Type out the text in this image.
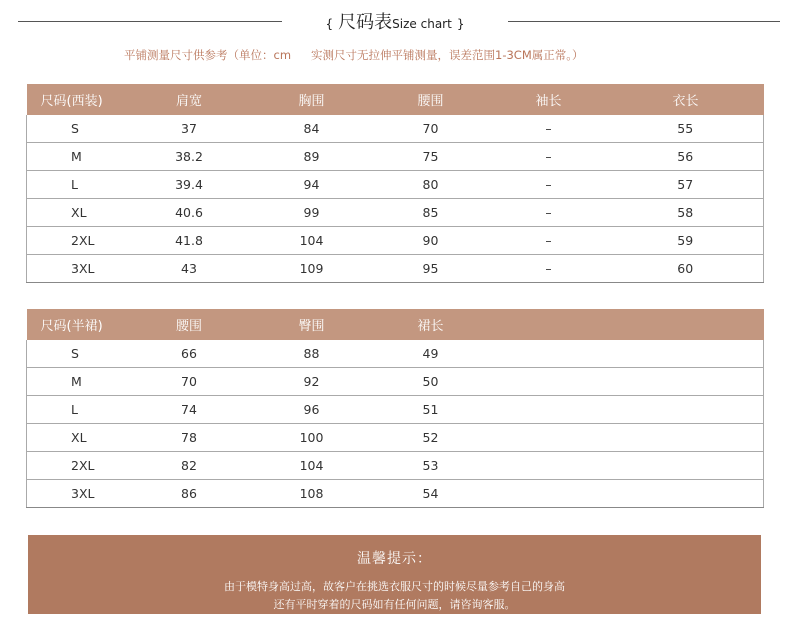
{ 尺码表Size chart }
平铺测量尺寸供参考（单位：cm 实测尺寸无拉伸平铺测量，误差范围1-3CM属正常。）
尺码(西装)	肩宽	胸围	腰围	袖长	衣长
S	37	84	70	–	55
M	38.2	89	75	–	56
L	39.4	94	80	–	57
XL	40.6	99	85	–	58
2XL	41.8	104	90	–	59
3XL	43	109	95	–	60
尺码(半裙)	腰围	臀围	裙长		
S	66	88	49		
M	70	92	50		
L	74	96	51		
XL	78	100	52		
2XL	82	104	53		
3XL	86	108	54		
温馨提示：
由于模特身高过高，故客户在挑选衣服尺寸的时候尽量参考自己的身高
还有平时穿着的尺码如有任何问题，请咨询客服。
